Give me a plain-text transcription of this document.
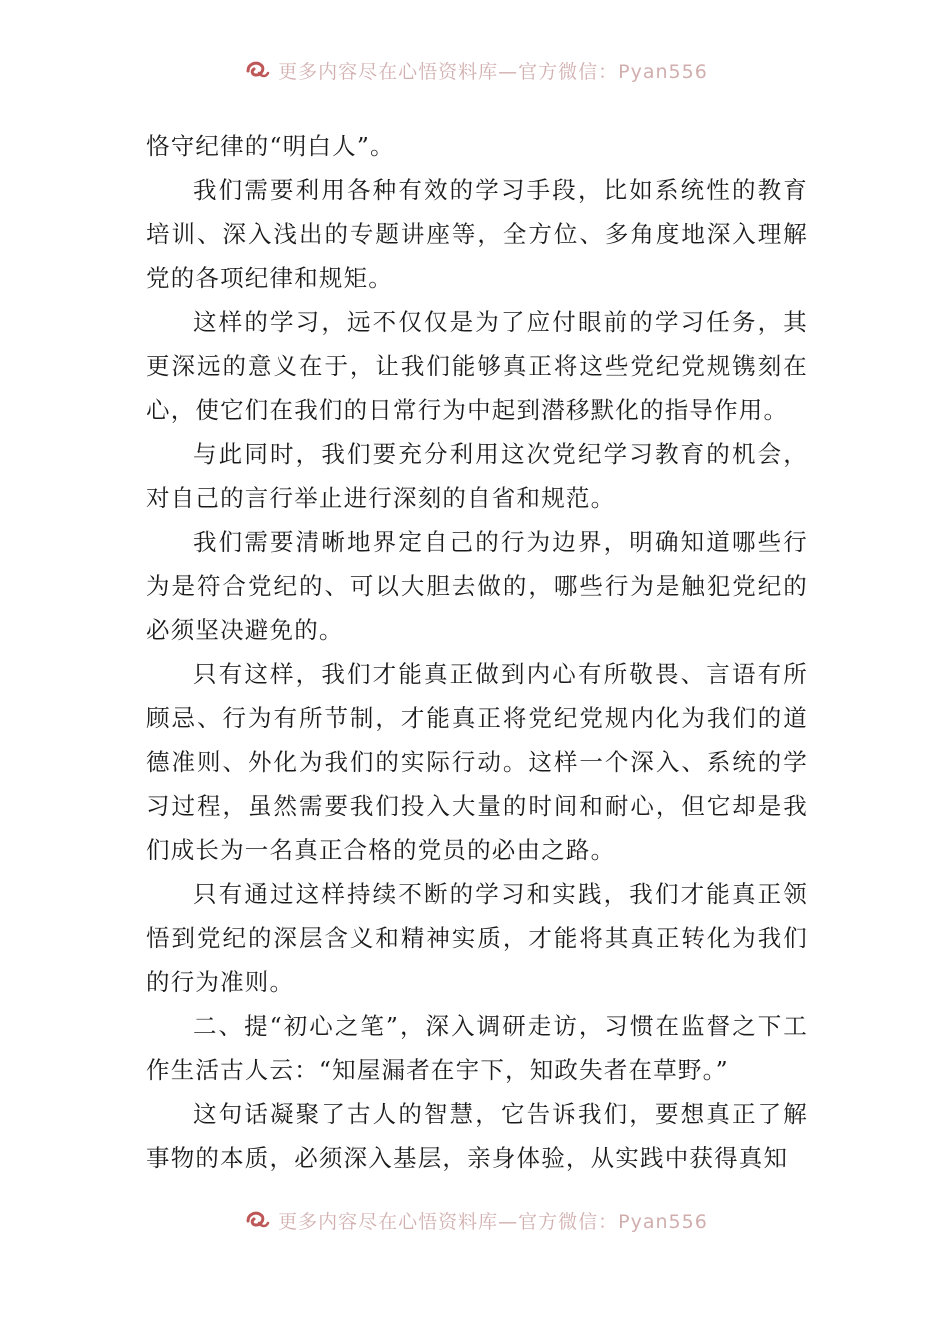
更多内容尽在心悟资料库—官方微信：Pyan556

恪守纪律的“明白人”。

我们需要利用各种有效的学习手段，比如系统性的教育培训、深入浅出的专题讲座等，全方位、多角度地深入理解党的各项纪律和规矩。

这样的学习，远不仅仅是为了应付眼前的学习任务，其更深远的意义在于，让我们能够真正将这些党纪党规镌刻在心，使它们在我们的日常行为中起到潜移默化的指导作用。

与此同时，我们要充分利用这次党纪学习教育的机会，对自己的言行举止进行深刻的自省和规范。

我们需要清晰地界定自己的行为边界，明确知道哪些行为是符合党纪的、可以大胆去做的，哪些行为是触犯党纪的必须坚决避免的。

只有这样，我们才能真正做到内心有所敬畏、言语有所顾忌、行为有所节制，才能真正将党纪党规内化为我们的道德准则、外化为我们的实际行动。这样一个深入、系统的学习过程，虽然需要我们投入大量的时间和耐心，但它却是我们成长为一名真正合格的党员的必由之路。

只有通过这样持续不断的学习和实践，我们才能真正领悟到党纪的深层含义和精神实质，才能将其真正转化为我们的行为准则。

二、提“初心之笔”，深入调研走访，习惯在监督之下工作生活古人云：“知屋漏者在宇下，知政失者在草野。”

这句话凝聚了古人的智慧，它告诉我们，要想真正了解事物的本质，必须深入基层，亲身体验，从实践中获得真知

更多内容尽在心悟资料库—官方微信：Pyan556
